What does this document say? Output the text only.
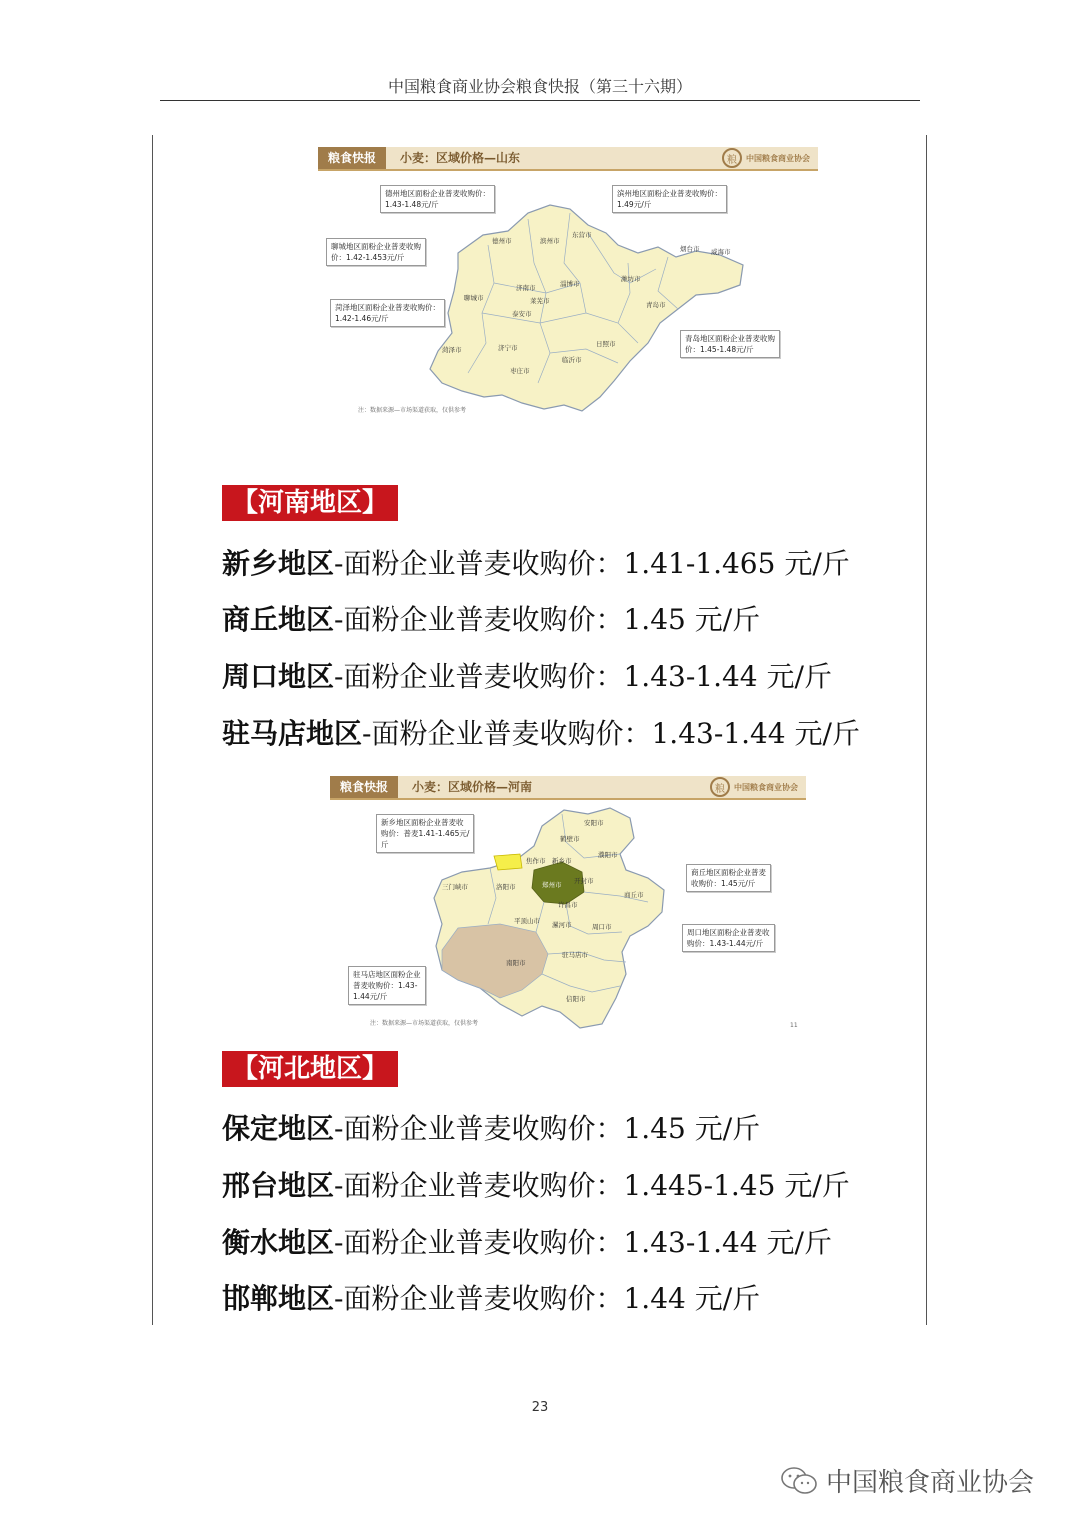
中国粮食商业协会粮食快报（第三十六期）
粮食快报	小麦：区域价格—山东	粮	中国粮食商业协会
德州市	滨州市
东营市
烟台市 威海市
潍坊市
济南市	淄博市
莱芜市
泰安市
聊城市
菏泽市	济宁市
临沂市
日照市
枣庄市
青岛市
德州地区面粉企业普麦收购价：
1.43-1.48元/斤
滨州地区面粉企业普麦收购价：
1.49元/斤
聊城地区面粉企业普麦收购
价：1.42-1.453元/斤
菏泽地区面粉企业普麦收购价：
1.42-1.46元/斤
青岛地区面粉企业普麦收购
价：1.45-1.48元/斤
注：数据来源—市场渠道获取，仅供参考
【河南地区】
新乡地区-面粉企业普麦收购价：1.41-1.465 元/斤
商丘地区-面粉企业普麦收购价：1.45 元/斤
周口地区-面粉企业普麦收购价：1.43-1.44 元/斤
驻马店地区-面粉企业普麦收购价：1.43-1.44 元/斤
粮食快报	小麦：区域价格—河南	粮	中国粮食商业协会
安阳市
鹤壁市
焦作市 新乡市
濮阳市
三门峡市	洛阳市	郑州市 开封市
商丘市
许昌市
平顶山市 漯河市	周口市
南阳市
驻马店市
信阳市
新乡地区面粉企业普麦收
购价：普麦1.41-1.465元/
斤
商丘地区面粉企业普麦
收购价：1.45元/斤
周口地区面粉企业普麦收
购价：1.43-1.44元/斤
驻马店地区面粉企业
普麦收购价：1.43-
1.44元/斤
注：数据来源—市场渠道获取，仅供参考	11
【河北地区】
保定地区-面粉企业普麦收购价：1.45 元/斤
邢台地区-面粉企业普麦收购价：1.445-1.45 元/斤
衡水地区-面粉企业普麦收购价：1.43-1.44 元/斤
邯郸地区-面粉企业普麦收购价：1.44 元/斤
23
中国粮食商业协会
